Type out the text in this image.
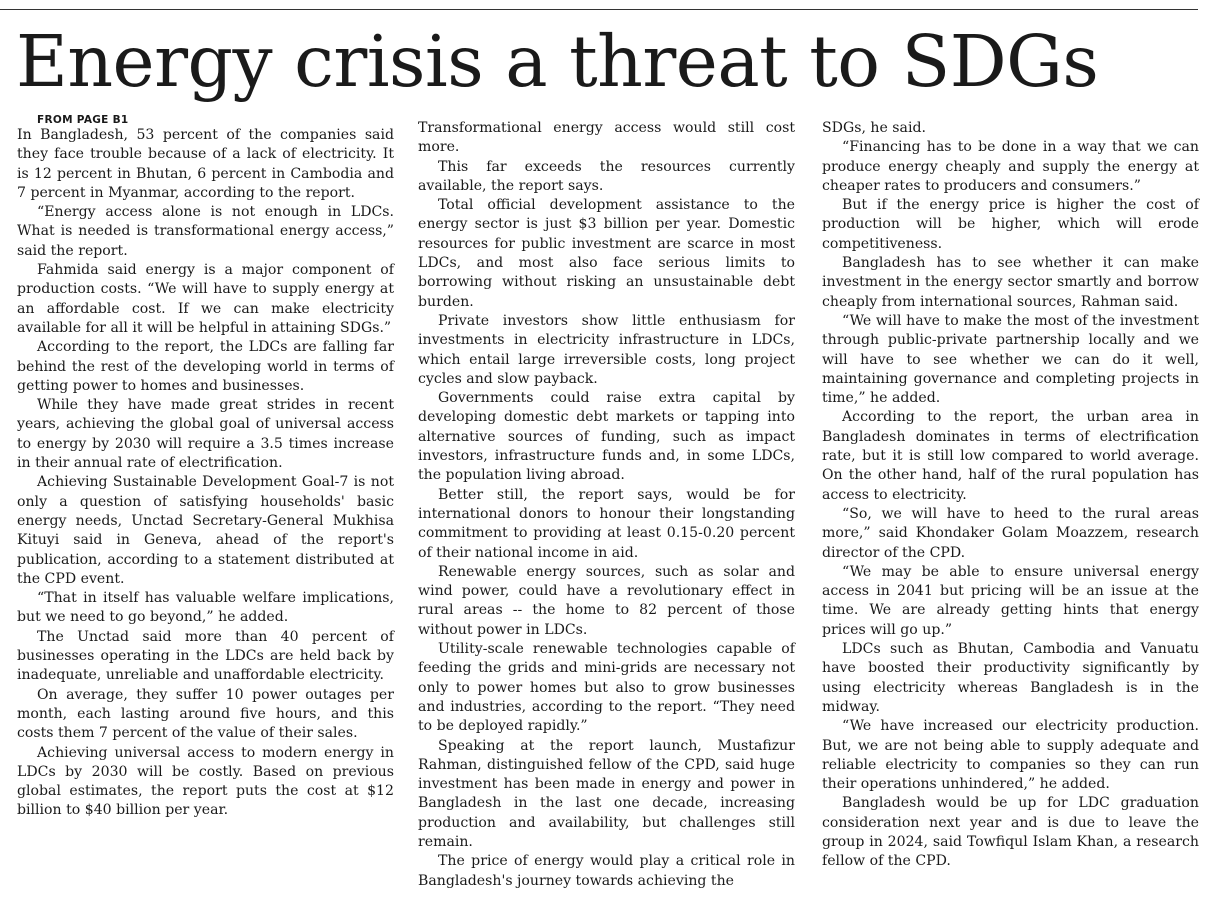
Energy crisis a threat to SDGs

FROM PAGE B1

In Bangladesh, 53 percent of the companies said they face trouble because of a lack of electricity. It is 12 percent in Bhutan, 6 percent in Cambodia and 7 percent in Myanmar, according to the report.

“Energy access alone is not enough in LDCs. What is needed is transformational energy access,” said the report.

Fahmida said energy is a major component of production costs. “We will have to supply energy at an affordable cost. If we can make electricity available for all it will be helpful in attaining SDGs.”

According to the report, the LDCs are falling far behind the rest of the developing world in terms of getting power to homes and businesses.

While they have made great strides in recent years, achieving the global goal of universal access to energy by 2030 will require a 3.5 times increase in their annual rate of electrification.

Achieving Sustainable Development Goal-7 is not only a question of satisfying households' basic energy needs, Unctad Secretary-General Mukhisa Kituyi said in Geneva, ahead of the report's publication, according to a statement distributed at the CPD event.

“That in itself has valuable welfare implications, but we need to go beyond,” he added.

The Unctad said more than 40 percent of businesses operating in the LDCs are held back by inadequate, unreliable and unaffordable electricity.

On average, they suffer 10 power outages per month, each lasting around five hours, and this costs them 7 percent of the value of their sales.

Achieving universal access to modern energy in LDCs by 2030 will be costly. Based on previous global estimates, the report puts the cost at $12 billion to $40 billion per year.

Transformational energy access would still cost more.

This far exceeds the resources currently available, the report says.

Total official development assistance to the energy sector is just $3 billion per year. Domestic resources for public investment are scarce in most LDCs, and most also face serious limits to borrowing without risking an unsustainable debt burden.

Private investors show little enthusiasm for investments in electricity infrastructure in LDCs, which entail large irreversible costs, long project cycles and slow payback.

Governments could raise extra capital by developing domestic debt markets or tapping into alternative sources of funding, such as impact investors, infrastructure funds and, in some LDCs, the population living abroad.

Better still, the report says, would be for international donors to honour their longstanding commitment to providing at least 0.15-0.20 percent of their national income in aid.

Renewable energy sources, such as solar and wind power, could have a revolutionary effect in rural areas -- the home to 82 percent of those without power in LDCs.

Utility-scale renewable technologies capable of feeding the grids and mini-grids are necessary not only to power homes but also to grow businesses and industries, according to the report. “They need to be deployed rapidly.”

Speaking at the report launch, Mustafizur Rahman, distinguished fellow of the CPD, said huge investment has been made in energy and power in Bangladesh in the last one decade, increasing production and availability, but challenges still remain.

The price of energy would play a critical role in Bangladesh's journey towards achieving the

SDGs, he said.

“Financing has to be done in a way that we can produce energy cheaply and supply the energy at cheaper rates to producers and consumers.”

But if the energy price is higher the cost of production will be higher, which will erode competitiveness.

Bangladesh has to see whether it can make investment in the energy sector smartly and borrow cheaply from international sources, Rahman said.

“We will have to make the most of the investment through public-private partnership locally and we will have to see whether we can do it well, maintaining governance and completing projects in time,” he added.

According to the report, the urban area in Bangladesh dominates in terms of electrification rate, but it is still low compared to world average. On the other hand, half of the rural population has access to electricity.

“So, we will have to heed to the rural areas more,” said Khondaker Golam Moazzem, research director of the CPD.

“We may be able to ensure universal energy access in 2041 but pricing will be an issue at the time. We are already getting hints that energy prices will go up.”

LDCs such as Bhutan, Cambodia and Vanuatu have boosted their productivity significantly by using electricity whereas Bangladesh is in the midway.

“We have increased our electricity production. But, we are not being able to supply adequate and reliable electricity to companies so they can run their operations unhindered,” he added.

Bangladesh would be up for LDC graduation consideration next year and is due to leave the group in 2024, said Towfiqul Islam Khan, a research fellow of the CPD.
